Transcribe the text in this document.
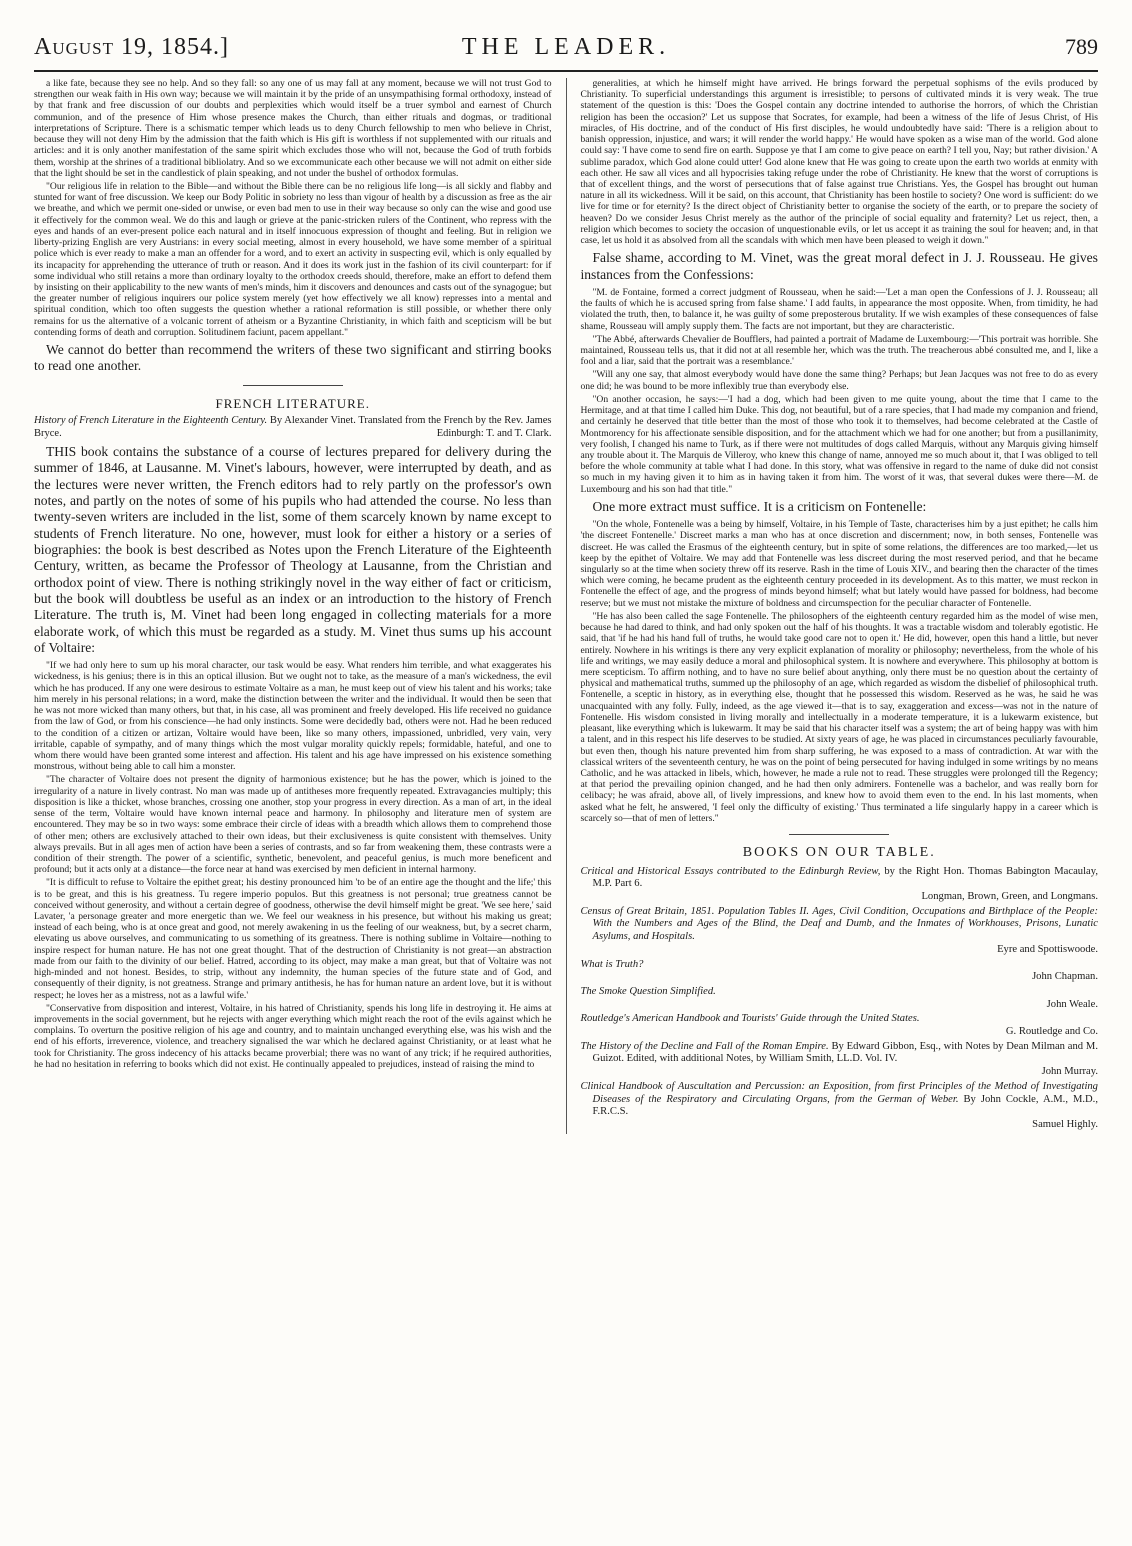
August 19, 1854.]	THE LEADER.	789

a like fate, because they see no help. And so they fall: so any one of us may fall at any moment, because we will not trust God to strengthen our weak faith in His own way; because we will maintain it by the pride of an unsympathising formal orthodoxy, instead of by that frank and free discussion of our doubts and perplexities which would itself be a truer symbol and earnest of Church communion, and of the presence of Him whose presence makes the Church, than either rituals and dogmas, or traditional interpretations of Scripture. There is a schismatic temper which leads us to deny Church fellowship to men who believe in Christ, because they will not deny Him by the admission that the faith which is His gift is worthless if not supplemented with our rituals and articles: and it is only another manifestation of the same spirit which excludes those who will not, because the God of truth forbids them, worship at the shrines of a traditional bibliolatry. And so we excommunicate each other because we will not admit on either side that the light should be set in the candlestick of plain speaking, and not under the bushel of orthodox formulas.

"Our religious life in relation to the Bible—and without the Bible there can be no religious life long—is all sickly and flabby and stunted for want of free discussion. We keep our Body Politic in sobriety no less than vigour of health by a discussion as free as the air we breathe, and which we permit one-sided or unwise, or even bad men to use in their way because so only can the wise and good use it effectively for the common weal. We do this and laugh or grieve at the panic-stricken rulers of the Continent, who repress with the eyes and hands of an ever-present police each natural and in itself innocuous expression of thought and feeling. But in religion we liberty-prizing English are very Austrians: in every social meeting, almost in every household, we have some member of a spiritual police which is ever ready to make a man an offender for a word, and to exert an activity in suspecting evil, which is only equalled by its incapacity for apprehending the utterance of truth or reason. And it does its work just in the fashion of its civil counterpart: for if some individual who still retains a more than ordinary loyalty to the orthodox creeds should, therefore, make an effort to defend them by insisting on their applicability to the new wants of men's minds, him it discovers and denounces and casts out of the synagogue; but the greater number of religious inquirers our police system merely (yet how effectively we all know) represses into a mental and spiritual condition, which too often suggests the question whether a rational reformation is still possible, or whether there only remains for us the alternative of a volcanic torrent of atheism or a Byzantine Christianity, in which faith and scepticism will be but contending forms of death and corruption. Solitudinem faciunt, pacem appellant."

We cannot do better than recommend the writers of these two significant and stirring books to read one another.

FRENCH LITERATURE.
History of French Literature in the Eighteenth Century. By Alexander Vinet. Translated from the French by the Rev. James Bryce.	Edinburgh: T. and T. Clark.

THIS book contains the substance of a course of lectures prepared for delivery during the summer of 1846, at Lausanne. M. Vinet's labours, however, were interrupted by death, and as the lectures were never written, the French editors had to rely partly on the professor's own notes, and partly on the notes of some of his pupils who had attended the course. No less than twenty-seven writers are included in the list, some of them scarcely known by name except to students of French literature. No one, however, must look for either a history or a series of biographies: the book is best described as Notes upon the French Literature of the Eighteenth Century, written, as became the Professor of Theology at Lausanne, from the Christian and orthodox point of view. There is nothing strikingly novel in the way either of fact or criticism, but the book will doubtless be useful as an index or an introduction to the history of French Literature. The truth is, M. Vinet had been long engaged in collecting materials for a more elaborate work, of which this must be regarded as a study. M. Vinet thus sums up his account of Voltaire:

"If we had only here to sum up his moral character, our task would be easy. What renders him terrible, and what exaggerates his wickedness, is his genius; there is in this an optical illusion. But we ought not to take, as the measure of a man's wickedness, the evil which he has produced. If any one were desirous to estimate Voltaire as a man, he must keep out of view his talent and his works; take him merely in his personal relations; in a word, make the distinction between the writer and the individual. It would then be seen that he was not more wicked than many others, but that, in his case, all was prominent and freely developed. His life received no guidance from the law of God, or from his conscience—he had only instincts. Some were decidedly bad, others were not. Had he been reduced to the condition of a citizen or artizan, Voltaire would have been, like so many others, impassioned, unbridled, very vain, very irritable, capable of sympathy, and of many things which the most vulgar morality quickly repels; formidable, hateful, and one to whom there would have been granted some interest and affection. His talent and his age have impressed on his existence something monstrous, without being able to call him a monster.

"The character of Voltaire does not present the dignity of harmonious existence; but he has the power, which is joined to the irregularity of a nature in lively contrast. No man was made up of antitheses more frequently repeated. Extravagancies multiply; this disposition is like a thicket, whose branches, crossing one another, stop your progress in every direction. As a man of art, in the ideal sense of the term, Voltaire would have known internal peace and harmony. In philosophy and literature men of system are encountered. They may be so in two ways: some embrace their circle of ideas with a breadth which allows them to comprehend those of other men; others are exclusively attached to their own ideas, but their exclusiveness is quite consistent with themselves. Unity always prevails. But in all ages men of action have been a series of contrasts, and so far from weakening them, these contrasts were a condition of their strength. The power of a scientific, synthetic, benevolent, and peaceful genius, is much more beneficent and profound; but it acts only at a distance—the force near at hand was exercised by men deficient in internal harmony.

"It is difficult to refuse to Voltaire the epithet great; his destiny pronounced him 'to be of an entire age the thought and the life;' this is to be great, and this is his greatness. Tu regere imperio populos. But this greatness is not personal; true greatness cannot be conceived without generosity, and without a certain degree of goodness, otherwise the devil himself might be great. 'We see here,' said Lavater, 'a personage greater and more energetic than we. We feel our weakness in his presence, but without his making us great; instead of each being, who is at once great and good, not merely awakening in us the feeling of our weakness, but, by a secret charm, elevating us above ourselves, and communicating to us something of its greatness. There is nothing sublime in Voltaire—nothing to inspire respect for human nature. He has not one great thought. That of the destruction of Christianity is not great—an abstraction made from our faith to the divinity of our belief. Hatred, according to its object, may make a man great, but that of Voltaire was not high-minded and not honest. Besides, to strip, without any indemnity, the human species of the future state and of God, and consequently of their dignity, is not greatness. Strange and primary antithesis, he has for human nature an ardent love, but it is without respect; he loves her as a mistress, not as a lawful wife.'

"Conservative from disposition and interest, Voltaire, in his hatred of Christianity, spends his long life in destroying it. He aims at improvements in the social government, but he rejects with anger everything which might reach the root of the evils against which he complains. To overturn the positive religion of his age and country, and to maintain unchanged everything else, was his wish and the end of his efforts, irreverence, violence, and treachery signalised the war which he declared against Christianity, or at least what he took for Christianity. The gross indecency of his attacks became proverbial; there was no want of any trick; if he required authorities, he had no hesitation in referring to books which did not exist. He continually appealed to prejudices, instead of raising the mind to

generalities, at which he himself might have arrived. He brings forward the perpetual sophisms of the evils produced by Christianity. To superficial understandings this argument is irresistible; to persons of cultivated minds it is very weak. The true statement of the question is this: 'Does the Gospel contain any doctrine intended to authorise the horrors, of which the Christian religion has been the occasion?' Let us suppose that Socrates, for example, had been a witness of the life of Jesus Christ, of His miracles, of His doctrine, and of the conduct of His first disciples, he would undoubtedly have said: 'There is a religion about to banish oppression, injustice, and wars; it will render the world happy.' He would have spoken as a wise man of the world. God alone could say: 'I have come to send fire on earth. Suppose ye that I am come to give peace on earth? I tell you, Nay; but rather division.' A sublime paradox, which God alone could utter! God alone knew that He was going to create upon the earth two worlds at enmity with each other. He saw all vices and all hypocrisies taking refuge under the robe of Christianity. He knew that the worst of corruptions is that of excellent things, and the worst of persecutions that of false against true Christians. Yes, the Gospel has brought out human nature in all its wickedness. Will it be said, on this account, that Christianity has been hostile to society? One word is sufficient: do we live for time or for eternity? Is the direct object of Christianity better to organise the society of the earth, or to prepare the society of heaven? Do we consider Jesus Christ merely as the author of the principle of social equality and fraternity? Let us reject, then, a religion which becomes to society the occasion of unquestionable evils, or let us accept it as training the soul for heaven; and, in that case, let us hold it as absolved from all the scandals with which men have been pleased to weigh it down."

False shame, according to M. Vinet, was the great moral defect in J. J. Rousseau. He gives instances from the Confessions:

"M. de Fontaine, formed a correct judgment of Rousseau, when he said:—'Let a man open the Confessions of J. J. Rousseau; all the faults of which he is accused spring from false shame.' I add faults, in appearance the most opposite. When, from timidity, he had violated the truth, then, to balance it, he was guilty of some preposterous brutality. If we wish examples of these consequences of false shame, Rousseau will amply supply them. The facts are not important, but they are characteristic.

"The Abbé, afterwards Chevalier de Boufflers, had painted a portrait of Madame de Luxembourg:—'This portrait was horrible. She maintained, Rousseau tells us, that it did not at all resemble her, which was the truth. The treacherous abbé consulted me, and I, like a fool and a liar, said that the portrait was a resemblance.'

"Will any one say, that almost everybody would have done the same thing? Perhaps; but Jean Jacques was not free to do as every one did; he was bound to be more inflexibly true than everybody else.

"On another occasion, he says:—'I had a dog, which had been given to me quite young, about the time that I came to the Hermitage, and at that time I called him Duke. This dog, not beautiful, but of a rare species, that I had made my companion and friend, and certainly he deserved that title better than the most of those who took it to themselves, had become celebrated at the Castle of Montmorency for his affectionate sensible disposition, and for the attachment which we had for one another; but from a pusillanimity, very foolish, I changed his name to Turk, as if there were not multitudes of dogs called Marquis, without any Marquis giving himself any trouble about it. The Marquis de Villeroy, who knew this change of name, annoyed me so much about it, that I was obliged to tell before the whole community at table what I had done. In this story, what was offensive in regard to the name of duke did not consist so much in my having given it to him as in having taken it from him. The worst of it was, that several dukes were there—M. de Luxembourg and his son had that title."

One more extract must suffice. It is a criticism on Fontenelle:

"On the whole, Fontenelle was a being by himself, Voltaire, in his Temple of Taste, characterises him by a just epithet; he calls him 'the discreet Fontenelle.' Discreet marks a man who has at once discretion and discernment; now, in both senses, Fontenelle was discreet. He was called the Erasmus of the eighteenth century, but in spite of some relations, the differences are too marked,—let us keep by the epithet of Voltaire. We may add that Fontenelle was less discreet during the most reserved period, and that he became singularly so at the time when society threw off its reserve. Rash in the time of Louis XIV., and bearing then the character of the times which were coming, he became prudent as the eighteenth century proceeded in its development. As to this matter, we must reckon in Fontenelle the effect of age, and the progress of minds beyond himself; what but lately would have passed for boldness, had become reserve; but we must not mistake the mixture of boldness and circumspection for the peculiar character of Fontenelle.

"He has also been called the sage Fontenelle. The philosophers of the eighteenth century regarded him as the model of wise men, because he had dared to think, and had only spoken out the half of his thoughts. It was a tractable wisdom and tolerably egotistic. He said, that 'if he had his hand full of truths, he would take good care not to open it.' He did, however, open this hand a little, but never entirely. Nowhere in his writings is there any very explicit explanation of morality or philosophy; nevertheless, from the whole of his life and writings, we may easily deduce a moral and philosophical system. It is nowhere and everywhere. This philosophy at bottom is mere scepticism. To affirm nothing, and to have no sure belief about anything, only there must be no question about the certainty of physical and mathematical truths, summed up the philosophy of an age, which regarded as wisdom the disbelief of philosophical truth. Fontenelle, a sceptic in history, as in everything else, thought that he possessed this wisdom. Reserved as he was, he said he was unacquainted with any folly. Fully, indeed, as the age viewed it—that is to say, exaggeration and excess—was not in the nature of Fontenelle. His wisdom consisted in living morally and intellectually in a moderate temperature, it is a lukewarm existence, but pleasant, like everything which is lukewarm. It may be said that his character itself was a system; the art of being happy was with him a talent, and in this respect his life deserves to be studied. At sixty years of age, he was placed in circumstances peculiarly favourable, but even then, though his nature prevented him from sharp suffering, he was exposed to a mass of contradiction. At war with the classical writers of the seventeenth century, he was on the point of being persecuted for having indulged in some writings by no means Catholic, and he was attacked in libels, which, however, he made a rule not to read. These struggles were prolonged till the Regency; at that period the prevailing opinion changed, and he had then only admirers. Fontenelle was a bachelor, and was really born for celibacy; he was afraid, above all, of lively impressions, and knew how to avoid them even to the end. In his last moments, when asked what he felt, he answered, 'I feel only the difficulty of existing.' Thus terminated a life singularly happy in a career which is scarcely so—that of men of letters."

BOOKS ON OUR TABLE.
Critical and Historical Essays contributed to the Edinburgh Review, by the Right Hon. Thomas Babington Macaulay, M.P. Part 6.
Longman, Brown, Green, and Longmans.
Census of Great Britain, 1851. Population Tables II. Ages, Civil Condition, Occupations and Birthplace of the People: With the Numbers and Ages of the Blind, the Deaf and Dumb, and the Inmates of Workhouses, Prisons, Lunatic Asylums, and Hospitals.
Eyre and Spottiswoode.
What is Truth?
John Chapman.
The Smoke Question Simplified.
John Weale.
Routledge's American Handbook and Tourists' Guide through the United States.
G. Routledge and Co.
The History of the Decline and Fall of the Roman Empire. By Edward Gibbon, Esq., with Notes by Dean Milman and M. Guizot. Edited, with additional Notes, by William Smith, LL.D. Vol. IV.
John Murray.
Clinical Handbook of Auscultation and Percussion: an Exposition, from first Principles of the Method of Investigating Diseases of the Respiratory and Circulating Organs, from the German of Weber. By John Cockle, A.M., M.D., F.R.C.S.
Samuel Highly.
